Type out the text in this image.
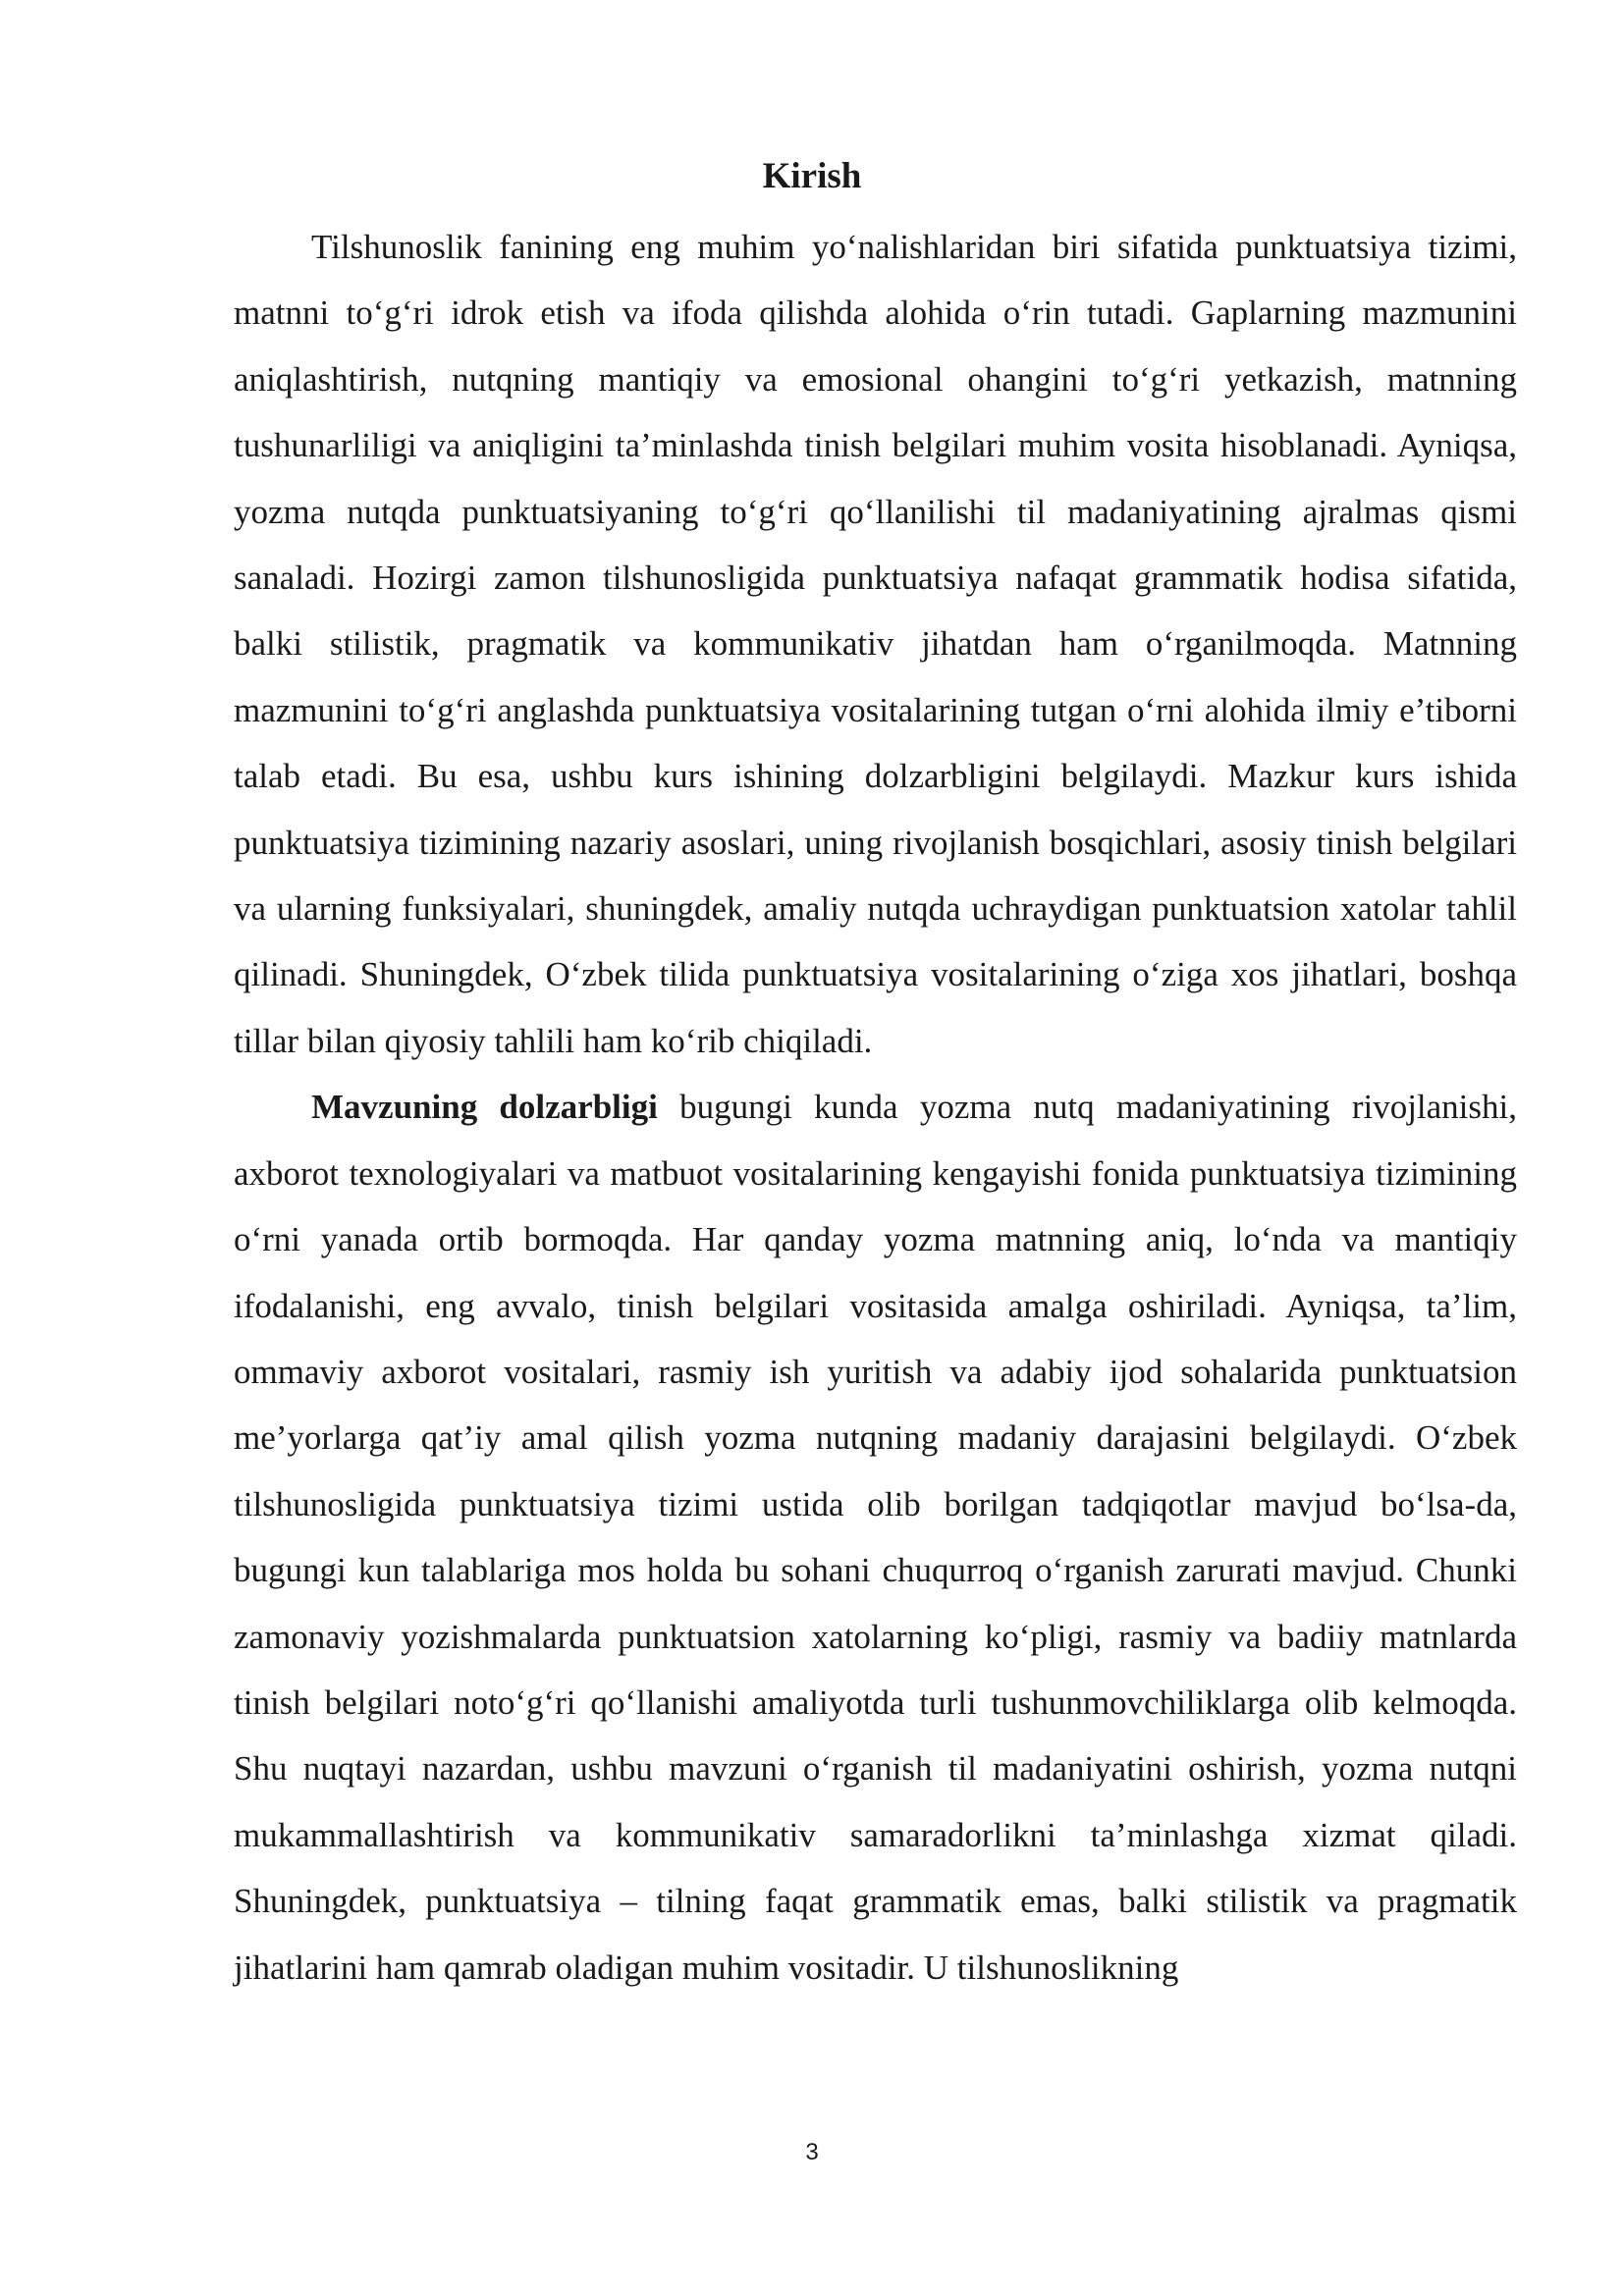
Kirish

Tilshunoslik fanining eng muhim yo‘nalishlaridan biri sifatida punktuatsiya tizimi, matnni to‘g‘ri idrok etish va ifoda qilishda alohida o‘rin tutadi. Gaplarning mazmunini aniqlashtirish, nutqning mantiqiy va emosional ohangini to‘g‘ri yetkazish, matnning tushunarliligi va aniqligini ta’minlashda tinish belgilari muhim vosita hisoblanadi. Ayniqsa, yozma nutqda punktuatsiyaning to‘g‘ri qo‘llanilishi til madaniyatining ajralmas qismi sanaladi. Hozirgi zamon tilshunosligida punktuatsiya nafaqat grammatik hodisa sifatida, balki stilistik, pragmatik va kommunikativ jihatdan ham o‘rganilmoqda. Matnning mazmunini to‘g‘ri anglashda punktuatsiya vositalarining tutgan o‘rni alohida ilmiy e’tiborni talab etadi. Bu esa, ushbu kurs ishining dolzarbligini belgilaydi. Mazkur kurs ishida punktuatsiya tizimining nazariy asoslari, uning rivojlanish bosqichlari, asosiy tinish belgilari va ularning funksiyalari, shuningdek, amaliy nutqda uchraydigan punktuatsion xatolar tahlil qilinadi. Shuningdek, O‘zbek tilida punktuatsiya vositalarining o‘ziga xos jihatlari, boshqa tillar bilan qiyosiy tahlili ham ko‘rib chiqiladi.

Mavzuning dolzarbligi bugungi kunda yozma nutq madaniyatining rivojlanishi, axborot texnologiyalari va matbuot vositalarining kengayishi fonida punktuatsiya tizimining o‘rni yanada ortib bormoqda. Har qanday yozma matnning aniq, lo‘nda va mantiqiy ifodalanishi, eng avvalo, tinish belgilari vositasida amalga oshiriladi. Ayniqsa, ta’lim, ommaviy axborot vositalari, rasmiy ish yuritish va adabiy ijod sohalarida punktuatsion me’yorlarga qat’iy amal qilish yozma nutqning madaniy darajasini belgilaydi. O‘zbek tilshunosligida punktuatsiya tizimi ustida olib borilgan tadqiqotlar mavjud bo‘lsa-da, bugungi kun talablariga mos holda bu sohani chuqurroq o‘rganish zarurati mavjud. Chunki zamonaviy yozishmalarda punktuatsion xatolarning ko‘pligi, rasmiy va badiiy matnlarda tinish belgilari noto‘g‘ri qo‘llanishi amaliyotda turli tushunmovchiliklarga olib kelmoqda. Shu nuqtayi nazardan, ushbu mavzuni o‘rganish til madaniyatini oshirish, yozma nutqni mukammallashtirish va kommunikativ samaradorlikni ta’minlashga xizmat qiladi. Shuningdek, punktuatsiya – tilning faqat grammatik emas, balki stilistik va pragmatik jihatlarini ham qamrab oladigan muhim vositadir. U tilshunoslikning

3
